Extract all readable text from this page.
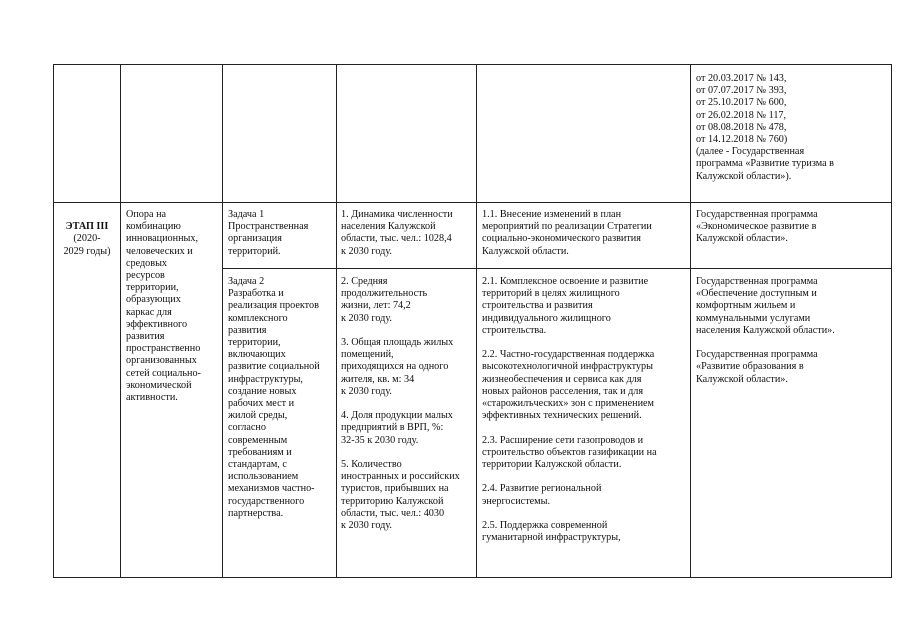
от 20.03.2017 № 143,
от 07.07.2017 № 393,
от 25.10.2017 № 600,
от 26.02.2018 № 117,
от 08.08.2018 № 478,
от 14.12.2018 № 760)
(далее - Государственная
программа «Развитие туризма в
Калужской области»).

ЭТАП III

(2020-
2029 годы)

Опора на
комбинацию
инновационных,
человеческих и
средовых
ресурсов
территории,
образующих
каркас для
эффективного
развития
пространственно
организованных
сетей социально-
экономической
активности.
Задача 1
Пространственная
организация
территорий.
Задача 2
Разработка и
реализация проектов
комплексного
развития
территории,
включающих
развитие социальной
инфраструктуры,
создание новых
рабочих мест и
жилой среды,
согласно
современным
требованиям и
стандартам, с
использованием
механизмов частно-
государственного
партнерства.
1. Динамика численности
населения Калужской
области, тыс. чел.: 1028,4
к 2030 году.
2. Средняя
продолжительность
жизни, лет: 74,2
к 2030 году.

3. Общая площадь жилых
помещений,
приходящихся на одного
жителя, кв. м: 34
к 2030 году.

4. Доля продукции малых
предприятий в ВРП, %:
32-35 к 2030 году.

5. Количество
иностранных и российских
туристов, прибывших на
территорию Калужской
области, тыс. чел.: 4030
к 2030 году.
1.1. Внесение изменений в план
мероприятий по реализации Стратегии
социально-экономического развития
Калужской области.
2.1. Комплексное освоение и развитие
территорий в целях жилищного
строительства и развития
индивидуального жилищного
строительства.

2.2. Частно-государственная поддержка
высокотехнологичной инфраструктуры
жизнеобеспечения и сервиса как для
новых районов расселения, так и для
«старожилъческих» зон с применением
эффективных технических решений.

2.3. Расширение сети газопроводов и
строительство объектов газификации на
территории Калужской области.

2.4. Развитие региональной
энергосистемы.

2.5. Поддержка современной
гуманитарной инфраструктуры,
Государственная программа
«Экономическое развитие в
Калужской области».
Государственная программа
«Обеспечение доступным и
комфортным жильем и
коммунальными услугами
населения Калужской области».

Государственная программа
«Развитие образования в
Калужской области».
